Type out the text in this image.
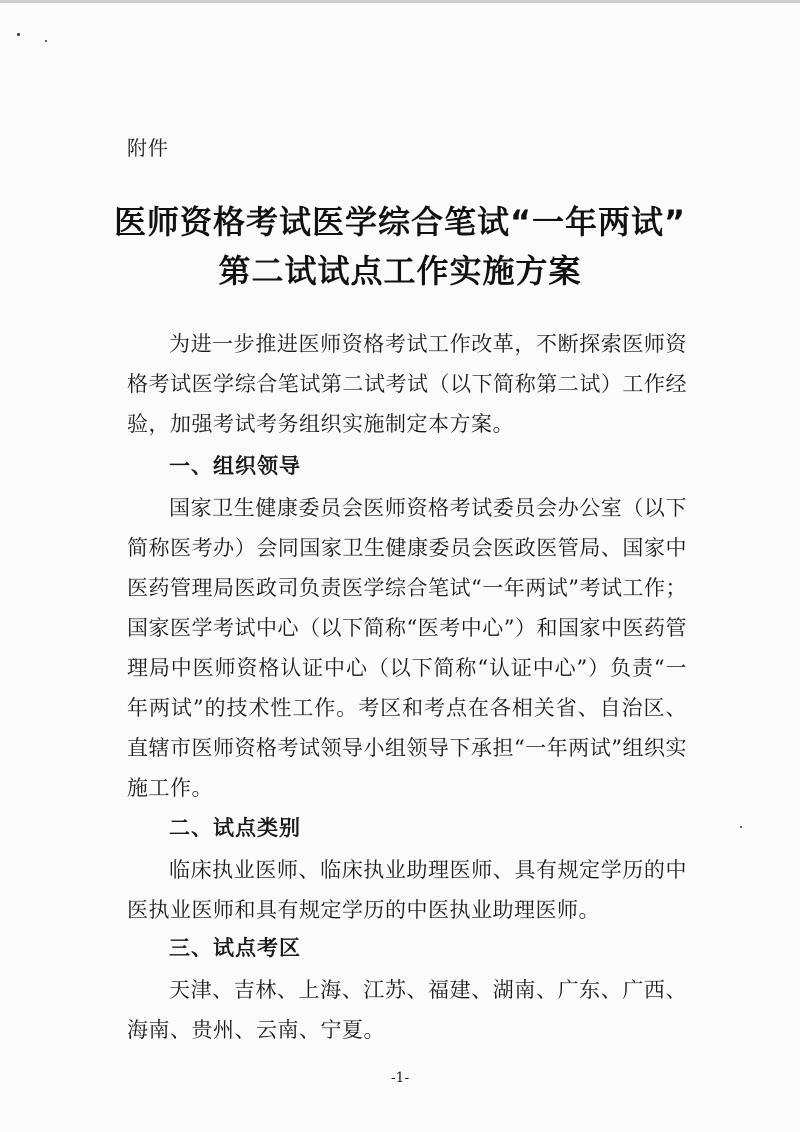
附件
医师资格考试医学综合笔试“一年两试”
第二试试点工作实施方案
为进一步推进医师资格考试工作改革，不断探索医师资格考试医学综合笔试第二试考试（以下简称第二试）工作经验，加强考试考务组织实施制定本方案。
一、组织领导
国家卫生健康委员会医师资格考试委员会办公室（以下简称医考办）会同国家卫生健康委员会医政医管局、国家中医药管理局医政司负责医学综合笔试“一年两试”考试工作；国家医学考试中心（以下简称“医考中心”）和国家中医药管理局中医师资格认证中心（以下简称“认证中心”）负责“一年两试”的技术性工作。考区和考点在各相关省、自治区、直辖市医师资格考试领导小组领导下承担“一年两试”组织实施工作。
二、试点类别
临床执业医师、临床执业助理医师、具有规定学历的中医执业医师和具有规定学历的中医执业助理医师。
三、试点考区
天津、吉林、上海、江苏、福建、湖南、广东、广西、海南、贵州、云南、宁夏。
-1-
